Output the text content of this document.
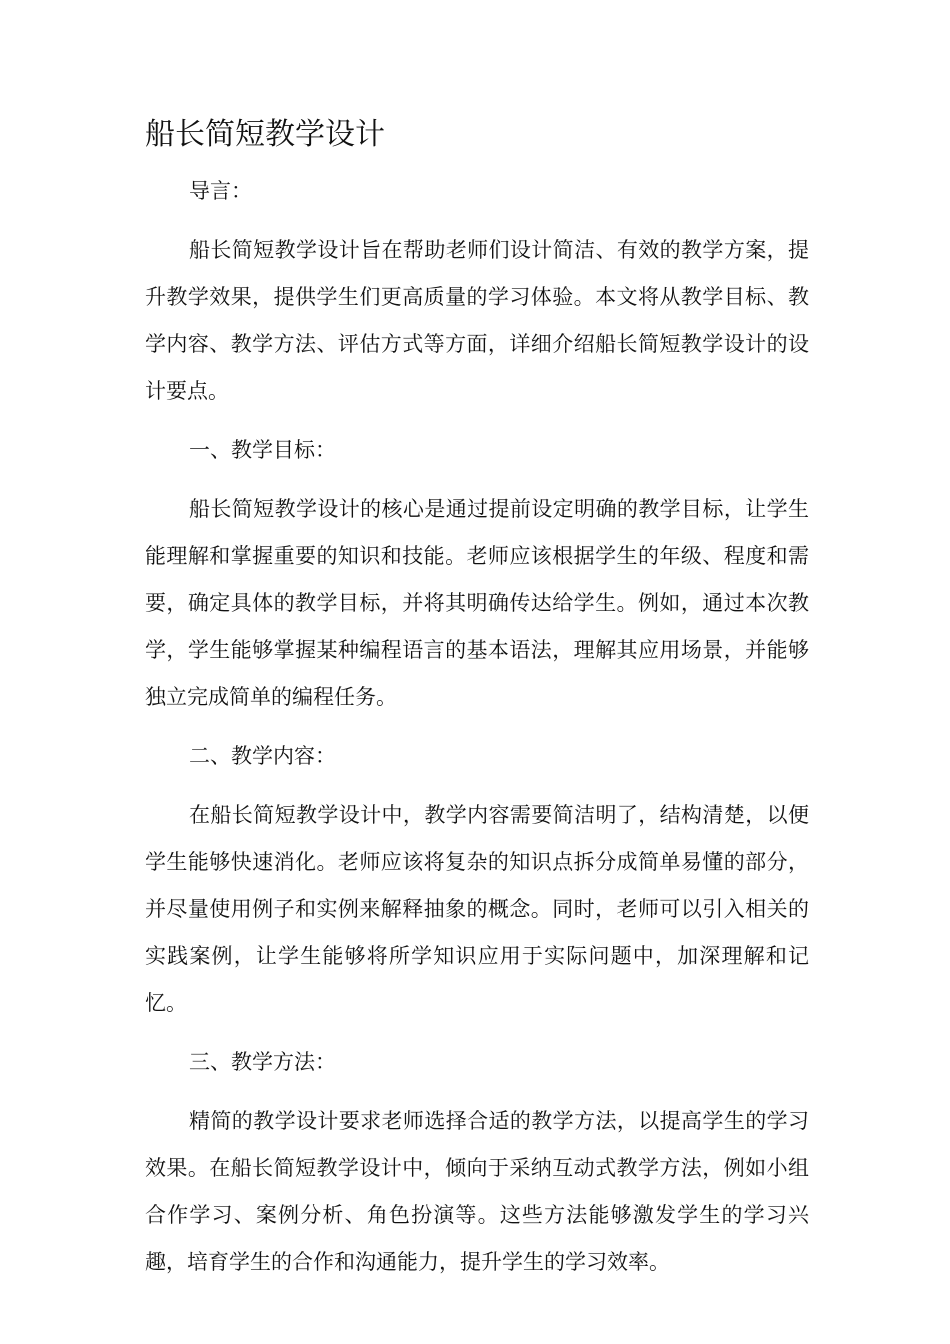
船长简短教学设计

导言：

船长简短教学设计旨在帮助老师们设计简洁、有效的教学方案，提升教学效果，提供学生们更高质量的学习体验。本文将从教学目标、教学内容、教学方法、评估方式等方面，详细介绍船长简短教学设计的设计要点。

一、教学目标：

船长简短教学设计的核心是通过提前设定明确的教学目标，让学生能理解和掌握重要的知识和技能。老师应该根据学生的年级、程度和需要，确定具体的教学目标，并将其明确传达给学生。例如，通过本次教学，学生能够掌握某种编程语言的基本语法，理解其应用场景，并能够独立完成简单的编程任务。

二、教学内容：

在船长简短教学设计中，教学内容需要简洁明了，结构清楚，以便学生能够快速消化。老师应该将复杂的知识点拆分成简单易懂的部分，并尽量使用例子和实例来解释抽象的概念。同时，老师可以引入相关的实践案例，让学生能够将所学知识应用于实际问题中，加深理解和记忆。

三、教学方法：

精简的教学设计要求老师选择合适的教学方法，以提高学生的学习效果。在船长简短教学设计中，倾向于采纳互动式教学方法，例如小组合作学习、案例分析、角色扮演等。这些方法能够激发学生的学习兴趣，培育学生的合作和沟通能力，提升学生的学习效率。
